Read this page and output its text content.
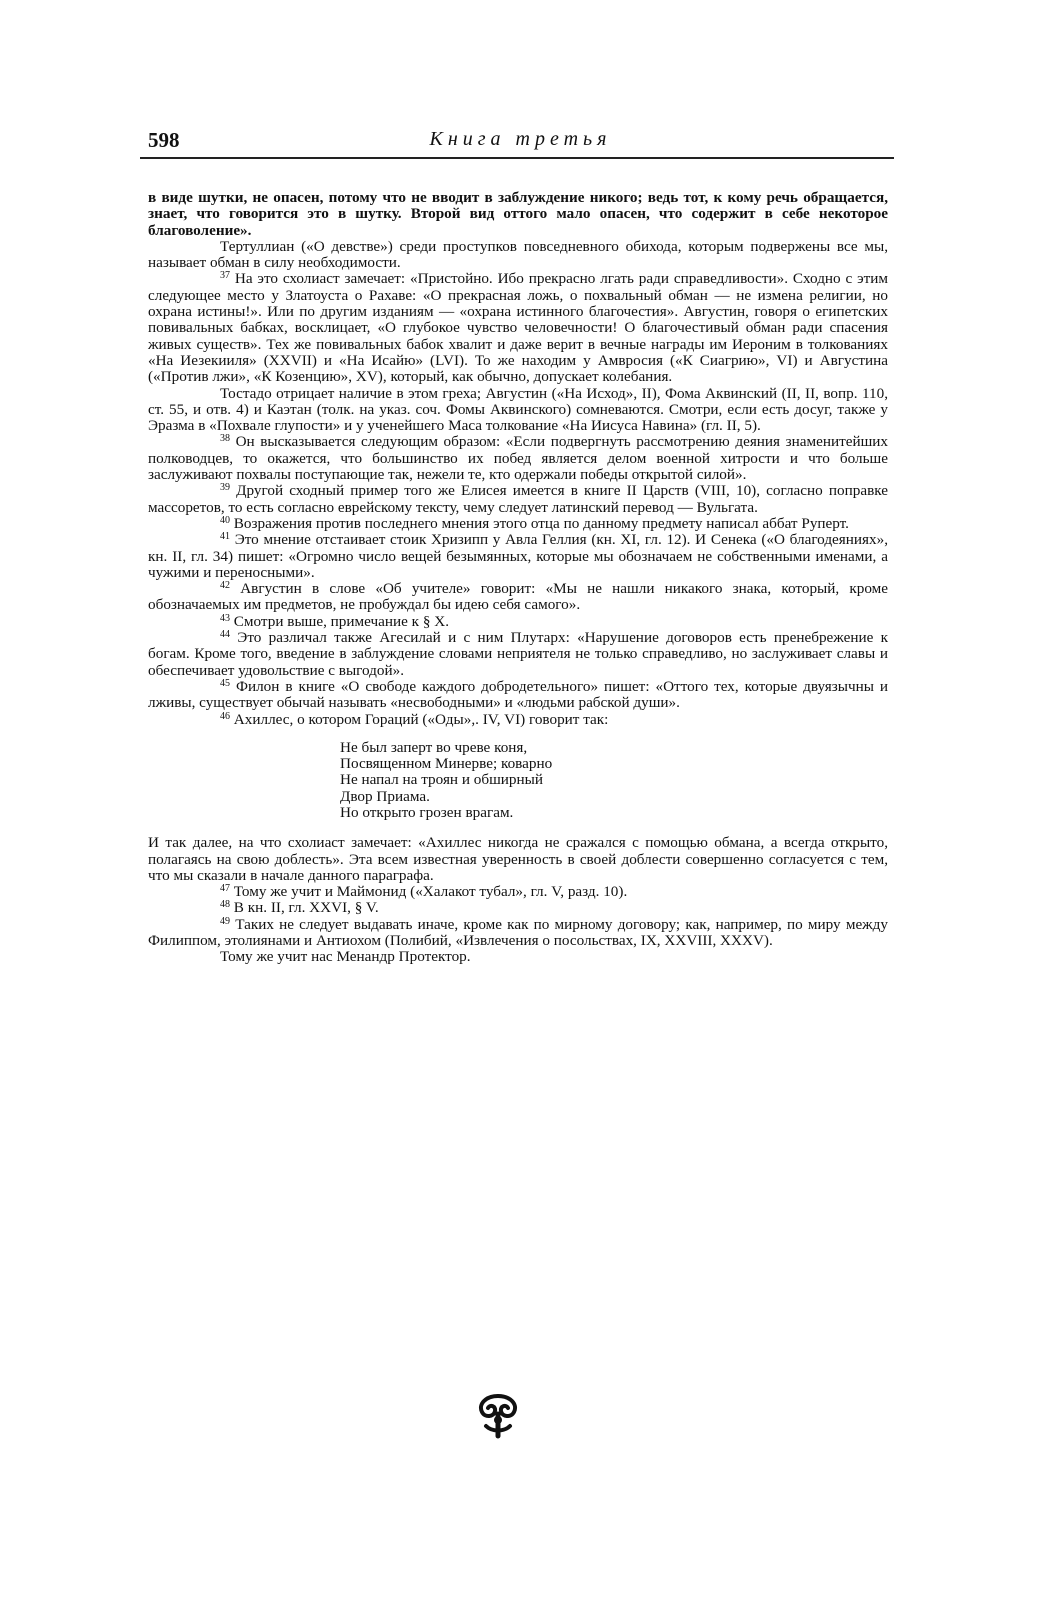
598	Книга третья

в виде шутки, не опасен, потому что не вводит в заблуждение никого; ведь тот, к кому речь обращается, знает, что говорится это в шутку. Второй вид оттого мало опасен, что содержит в себе некоторое благоволение».

Тертуллиан («О девстве») среди проступков повседневного обихода, которым подвержены все мы, называет обман в силу необходимости.

$^{37}$ На это схолиаст замечает: «Пристойно. Ибо прекрасно лгать ради справедливости». Сходно с этим следующее место у Златоуста о Рахаве: «О прекрасная ложь, о похвальный обман — не измена религии, но охрана истины!». Или по другим изданиям — «охрана истинного благочестия». Августин, говоря о египетских повивальных бабках, восклицает, «О глубокое чувство человечности! О благочестивый обман ради спасения живых существ». Тех же повивальных бабок хвалит и даже верит в вечные награды им Иероним в толкованиях «На Иезекииля» (XXVII) и «На Исайю» (LVI). То же находим у Амвросия («К Сиагрию», VI) и Августина («Против лжи», «К Козенцию», XV), который, как обычно, допускает колебания.

Тостадо отрицает наличие в этом греха; Августин («На Исход», II), Фома Аквинский (II, II, вопр. 110, ст. 55, и отв. 4) и Каэтан (толк. на указ. соч. Фомы Аквинского) сомневаются. Смотри, если есть досуг, также у Эразма в «Похвале глупости» и у ученейшего Маса толкование «На Иисуса Навина» (гл. II, 5).

$^{38}$ Он высказывается следующим образом: «Если подвергнуть рассмотрению деяния знаменитейших полководцев, то окажется, что большинство их побед является делом военной хитрости и что больше заслуживают похвалы поступающие так, нежели те, кто одержали победы открытой силой».

$^{39}$ Другой сходный пример того же Елисея имеется в книге II Царств (VIII, 10), согласно поправке массоретов, то есть согласно еврейскому тексту, чему следует латинский перевод — Вульгата.

$^{40}$ Возражения против последнего мнения этого отца по данному предмету написал аббат Руперт.

$^{41}$ Это мнение отстаивает стоик Хризипп у Авла Геллия (кн. XI, гл. 12). И Сенека («О благодеяниях», кн. II, гл. 34) пишет: «Огромно число вещей безымянных, которые мы обозначаем не собственными именами, а чужими и переносными».

$^{42}$ Августин в слове «Об учителе» говорит: «Мы не нашли никакого знака, который, кроме обозначаемых им предметов, не пробуждал бы идею себя самого».

$^{43}$ Смотри выше, примечание к § X.

$^{44}$ Это различал также Агесилай и с ним Плутарх: «Нарушение договоров есть пренебрежение к богам. Кроме того, введение в заблуждение словами неприятеля не только справедливо, но заслуживает славы и обеспечивает удовольствие с выгодой».

$^{45}$ Филон в книге «О свободе каждого добродетельного» пишет: «Оттого тех, которые двуязычны и лживы, существует обычай называть «несвободными» и «людьми рабской души».

$^{46}$ Ахиллес, о котором Гораций («Оды»,. IV, VI) говорит так:

Не был заперт во чреве коня,
Посвященном Минерве; коварно
Не напал на троян и обширный
Двор Приама.
Но открыто грозен врагам.

И так далее, на что схолиаст замечает: «Ахиллес никогда не сражался с помощью обмана, а всегда открыто, полагаясь на свою доблесть». Эта всем известная уверенность в своей доблести совершенно согласуется с тем, что мы сказали в начале данного параграфа.

$^{47}$ Тому же учит и Маймонид («Халакот тубал», гл. V, разд. 10).

$^{48}$ В кн. II, гл. XXVI, § V.

$^{49}$ Таких не следует выдавать иначе, кроме как по мирному договору; как, например, по миру между Филиппом, этолиянами и Антиохом (Полибий, «Извлечения о посольствах, IX, XXVIII, XXXV).

Тому же учит нас Менандр Протектор.
